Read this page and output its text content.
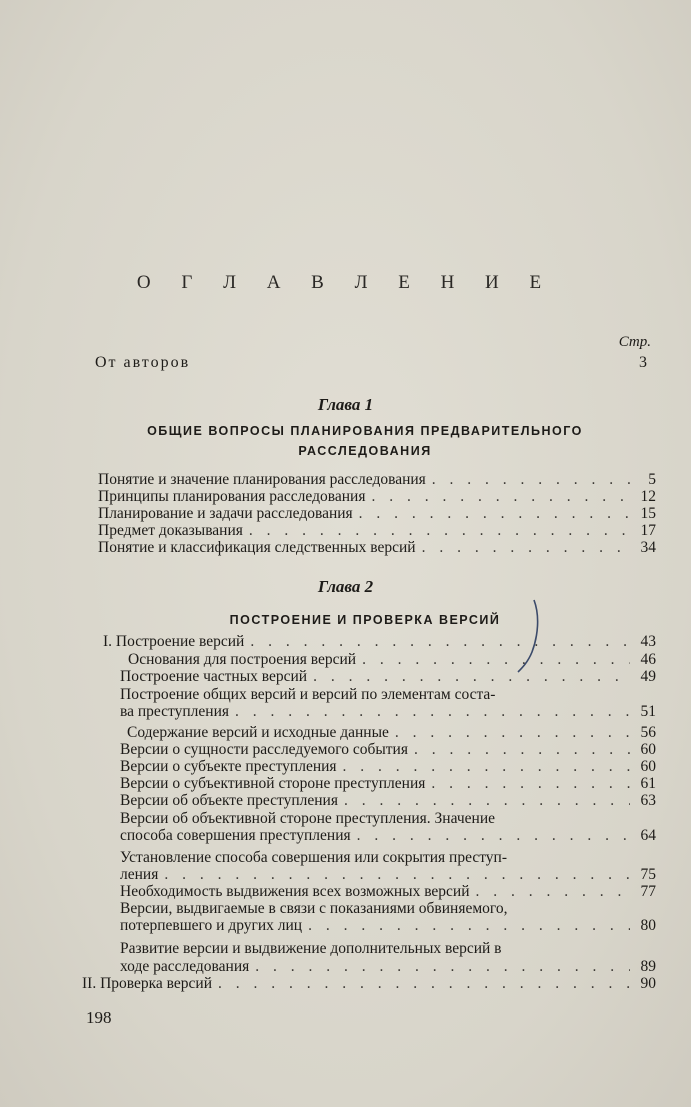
О Г Л А В Л Е Н И Е
Стр.
От авторов	3
Глава 1
ОБЩИЕ ВОПРОСЫ ПЛАНИРОВАНИЯ ПРЕДВАРИТЕЛЬНОГО
РАССЛЕДОВАНИЯ
Глава 2
ПОСТРОЕНИЕ И ПРОВЕРКА ВЕРСИЙ
Понятие и значение планирования расследования . . .	5
Принципы планирования расследования . . .	12
Планирование и задачи расследования . . .	15
Предмет доказывания . . .	17
Понятие и классификация следственных версий . . .	34
I. Построение версий . . .	43
Основания для построения версий . . .	46
Построение частных версий . . .	49
Построение общих версий и версий по элементам соста-
ва преступления . . .	51
Содержание версий и исходные данные . . .	56
Версии о сущности расследуемого события . . .	60
Версии о субъекте преступления . . .	60
Версии о субъективной стороне преступления . . .	61
Версии об объекте преступления . . .	63
Версии об объективной стороне преступления. Значение
способа совершения преступления . . .	64
Установление способа совершения или сокрытия преступ-
ления . . .	75
Необходимость выдвижения всех возможных версий . . .	77
Версии, выдвигаемые в связи с показаниями обвиняемого,
потерпевшего и других лиц . . .	80
Развитие версии и выдвижение дополнительных версий в
ходе расследования . . .	89
II. Проверка версий . . .	90
198
